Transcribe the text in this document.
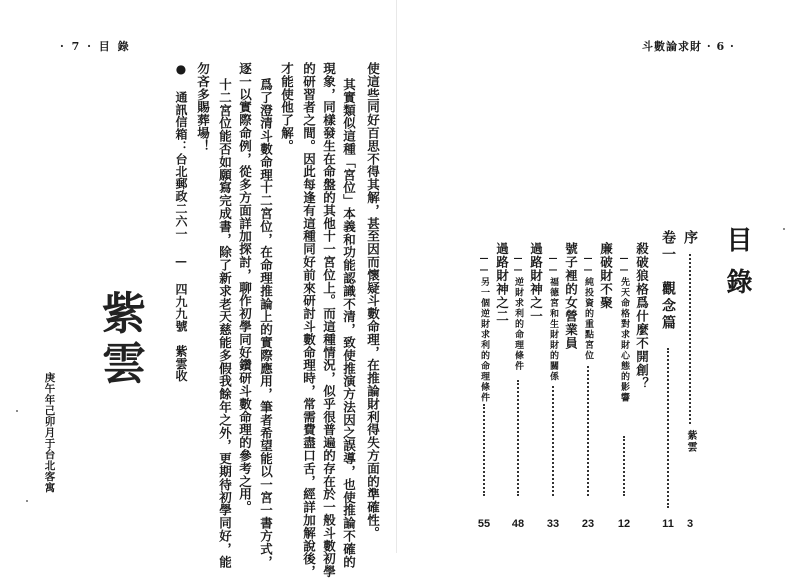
· 7 · 目 錄
使這些同好百思不得其解，甚至因而懷疑斗數命理，在推論財利得失方面的準確性。
其實類似這種「宮位」本義和功能認識不清，致使推演方法因之誤導，也使推論不確的
現象，同樣發生在命盤的其他十一宮位上。而這種情況，似乎很普遍的存在於一般斗數初學
的研習者之間。因此每逢有這種同好前來研討斗數命理時，常需費盡口舌，經詳加解說後，
才能使他了解。
爲了澄清斗數命理十二宮位，在命理推論上的實際應用，筆者希望能以一宮一書方式，
逐一以實際命例，從多方面詳加探討，聊作初學同好鑽研斗數命理的參考之用。
十二宮位能否如願寫完成書，除了新求老天慈能多假我餘年之外，更期待初學同好，能
勿吝多賜葬場！
● 通訊信箱：台北郵政二六一 — 四九九號　紫雲收
紫雲
庚午年己卯月于台北客寓
斗數論求財 · 6 ·
目錄
序
紫雲
3
卷一　觀念篇
11
殺破狼格爲什麼不開創？
——先天命格對求財心態的影響
12
廉破財不聚
——純投資的重點宮位
23
號子裡的女營業員
——福德宮和生財財的關係
33
過路財神之一
——逆財求利的命理條件
48
過路財神之二
——另一個逆財求利的命理條件
55
